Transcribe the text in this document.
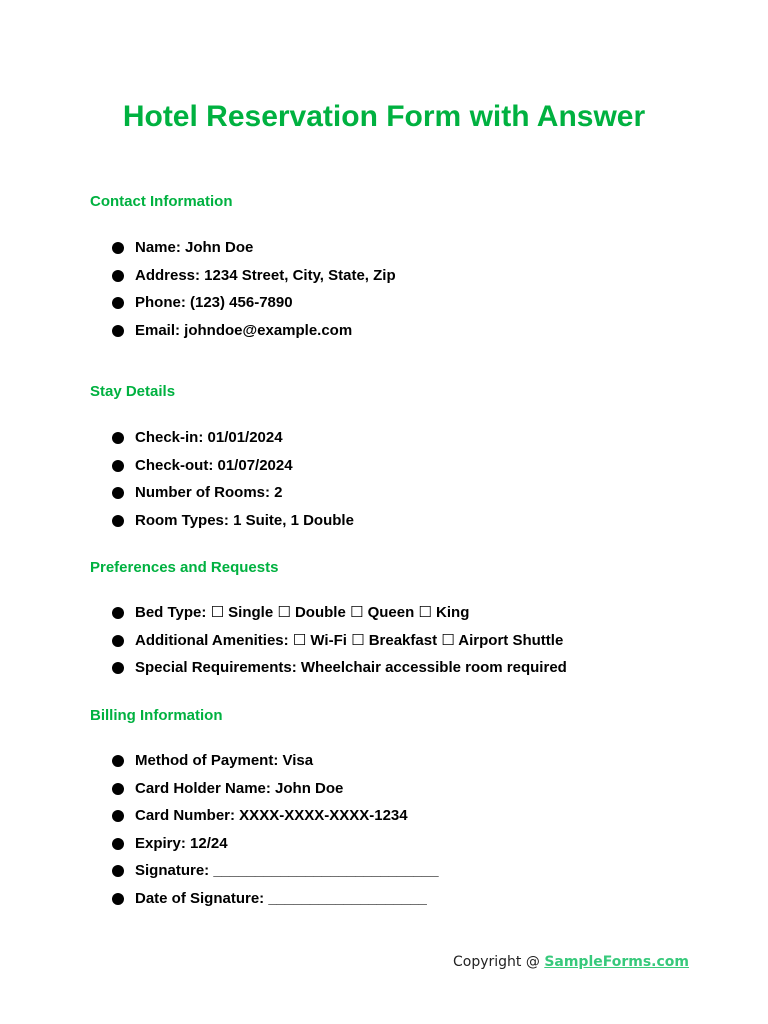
Hotel Reservation Form with Answer
Contact Information
Name: John Doe
Address: 1234 Street, City, State, Zip
Phone: (123) 456-7890
Email: johndoe@example.com
Stay Details
Check-in: 01/01/2024
Check-out: 01/07/2024
Number of Rooms: 2
Room Types: 1 Suite, 1 Double
Preferences and Requests
Bed Type: ☐ Single ☐ Double ☐ Queen ☐ King
Additional Amenities: ☐ Wi-Fi ☐ Breakfast ☐ Airport Shuttle
Special Requirements: Wheelchair accessible room required
Billing Information
Method of Payment: Visa
Card Holder Name: John Doe
Card Number: XXXX-XXXX-XXXX-1234
Expiry: 12/24
Signature: ___________________________
Date of Signature: ___________________
Copyright @ SampleForms.com
